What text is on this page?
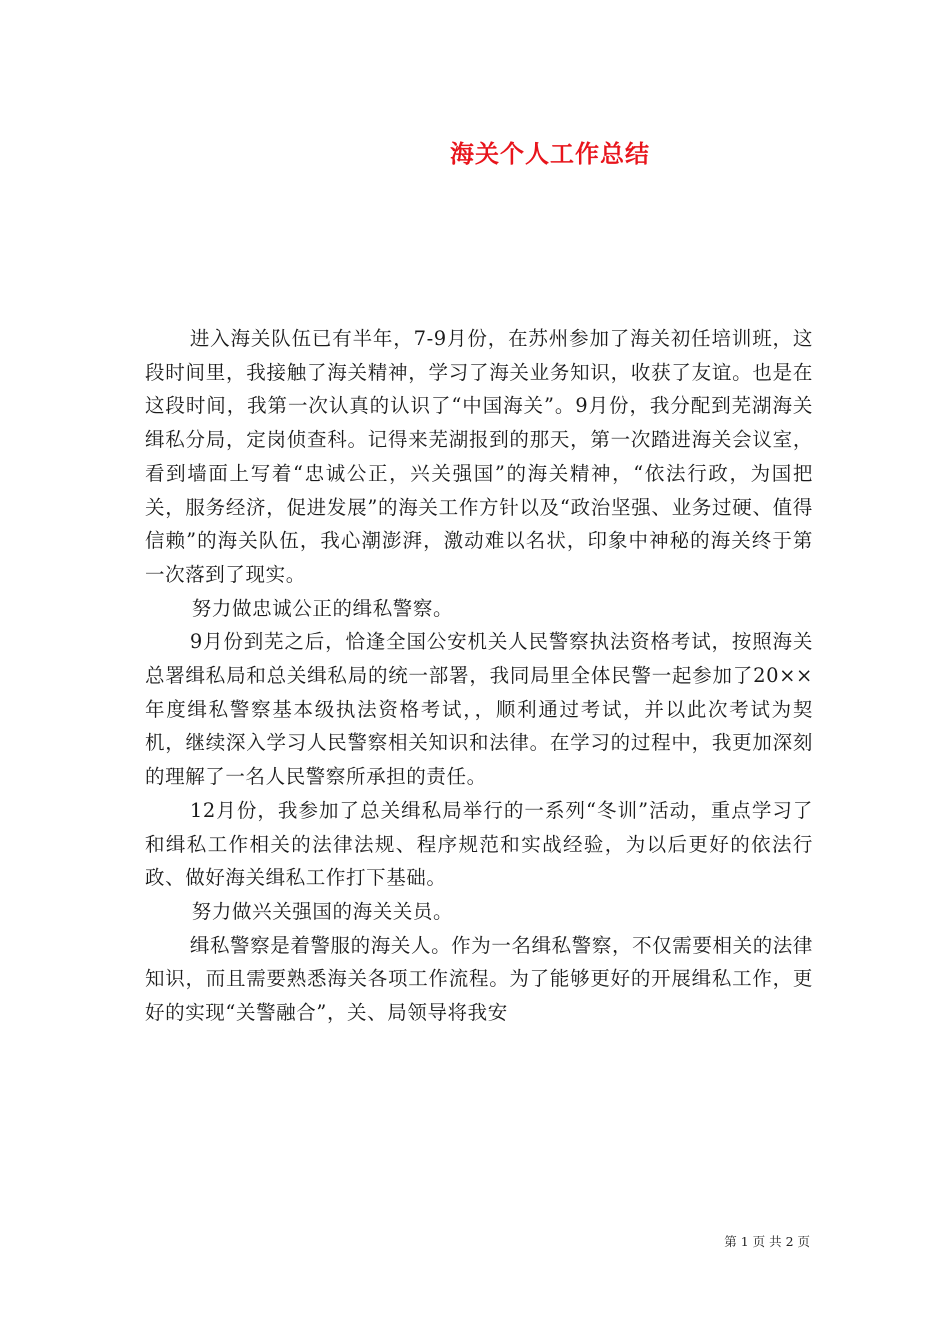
海关个人工作总结

进入海关队伍已有半年，7-9月份，在苏州参加了海关初任培训班，这段时间里，我接触了海关精神，学习了海关业务知识，收获了友谊。也是在这段时间，我第一次认真的认识了“中国海关”。9月份，我分配到芜湖海关缉私分局，定岗侦查科。记得来芜湖报到的那天，第一次踏进海关会议室，看到墙面上写着“忠诚公正，兴关强国”的海关精神，“依法行政，为国把关，服务经济，促进发展”的海关工作方针以及“政治坚强、业务过硬、值得信赖”的海关队伍，我心潮澎湃，激动难以名状，印象中神秘的海关终于第一次落到了现实。

努力做忠诚公正的缉私警察。

9月份到芜之后，恰逢全国公安机关人民警察执法资格考试，按照海关总署缉私局和总关缉私局的统一部署，我同局里全体民警一起参加了20××年度缉私警察基本级执法资格考试，，顺利通过考试，并以此次考试为契机，继续深入学习人民警察相关知识和法律。在学习的过程中，我更加深刻的理解了一名人民警察所承担的责任。

12月份，我参加了总关缉私局举行的一系列“冬训”活动，重点学习了和缉私工作相关的法律法规、程序规范和实战经验，为以后更好的依法行政、做好海关缉私工作打下基础。

努力做兴关强国的海关关员。

缉私警察是着警服的海关人。作为一名缉私警察，不仅需要相关的法律知识，而且需要熟悉海关各项工作流程。为了能够更好的开展缉私工作，更好的实现“关警融合”，关、局领导将我安

第 1 页 共 2 页
